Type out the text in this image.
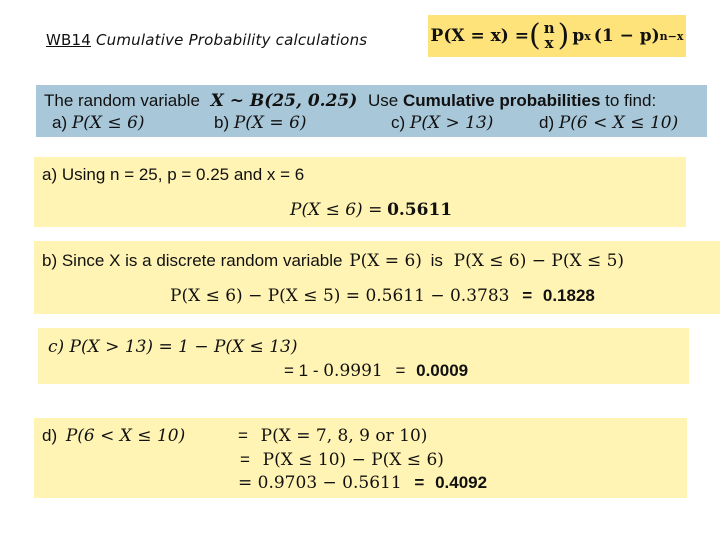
WB14 Cumulative Probability calculations	P(X = x) = ( n
x ) p x (1 − p) n−x
The random variable X ~ B(25, 0.25) Use Cumulative probabilities to find:
a) P(X ≤ 6)	b) P(X = 6)	c) P(X > 13)	d) P(6 < X ≤ 10)
a) Using n = 25, p = 0.25 and x = 6
P(X ≤ 6) = 0.5611
b) Since X is a discrete random variable P(X = 6) is P(X ≤ 6) − P(X ≤ 5)
P(X ≤ 6) − P(X ≤ 5) = 0.5611 − 0.3783 = 0.1828
c) P(X > 13) = 1 − P(X ≤ 13)
= 1 - 0.9991 = 0.0009
d) P(6 < X ≤ 10)	= P(X = 7, 8, 9 or 10)
= P(X ≤ 10) − P(X ≤ 6)
= 0.9703 − 0.5611 = 0.4092
